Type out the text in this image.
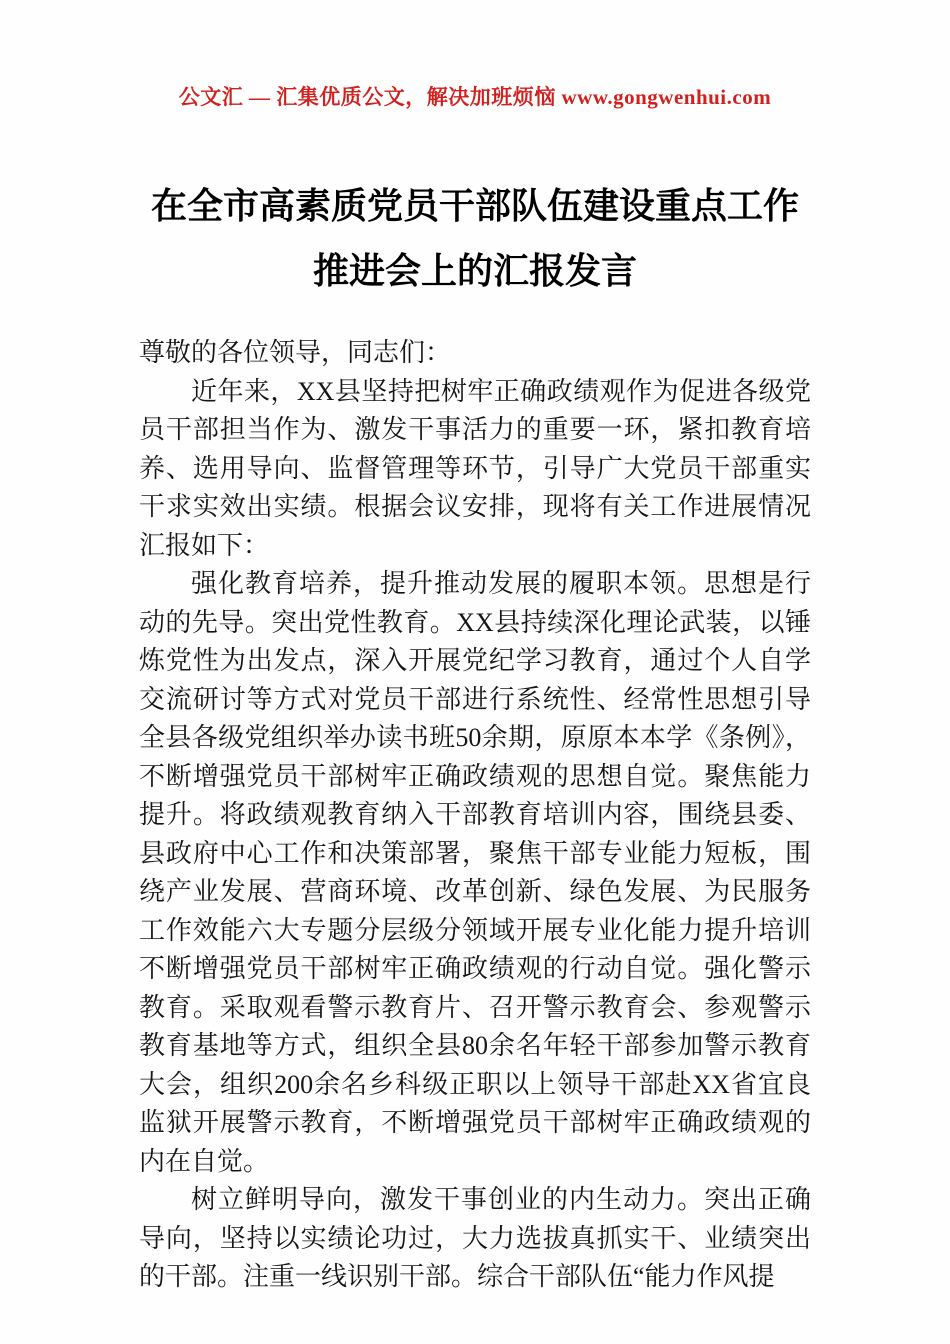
公文汇 — 汇集优质公文，解决加班烦恼 www.gongwenhui.com
在全市高素质党员干部队伍建设重点工作
推进会上的汇报发言

尊敬的各位领导，同志们：

近年来，XX县坚持把树牢正确政绩观作为促进各级党员干部担当作为、激发干事活力的重要一环，紧扣教育培养、选用导向、监督管理等环节，引导广大党员干部重实干求实效出实绩。根据会议安排，现将有关工作进展情况汇报如下：

强化教育培养，提升推动发展的履职本领。思想是行动的先导。突出党性教育。XX县持续深化理论武装，以锤炼党性为出发点，深入开展党纪学习教育，通过个人自学交流研讨等方式对党员干部进行系统性、经常性思想引导全县各级党组织举办读书班50余期，原原本本学《条例》，不断增强党员干部树牢正确政绩观的思想自觉。聚焦能力提升。将政绩观教育纳入干部教育培训内容，围绕县委、县政府中心工作和决策部署，聚焦干部专业能力短板，围绕产业发展、营商环境、改革创新、绿色发展、为民服务工作效能六大专题分层级分领域开展专业化能力提升培训不断增强党员干部树牢正确政绩观的行动自觉。强化警示教育。采取观看警示教育片、召开警示教育会、参观警示教育基地等方式，组织全县80余名年轻干部参加警示教育大会，组织200余名乡科级正职以上领导干部赴XX省宜良监狱开展警示教育，不断增强党员干部树牢正确政绩观的内在自觉。

树立鲜明导向，激发干事创业的内生动力。突出正确导向，坚持以实绩论功过，大力选拔真抓实干、业绩突出的干部。注重一线识别干部。综合干部队伍“能力作风提
